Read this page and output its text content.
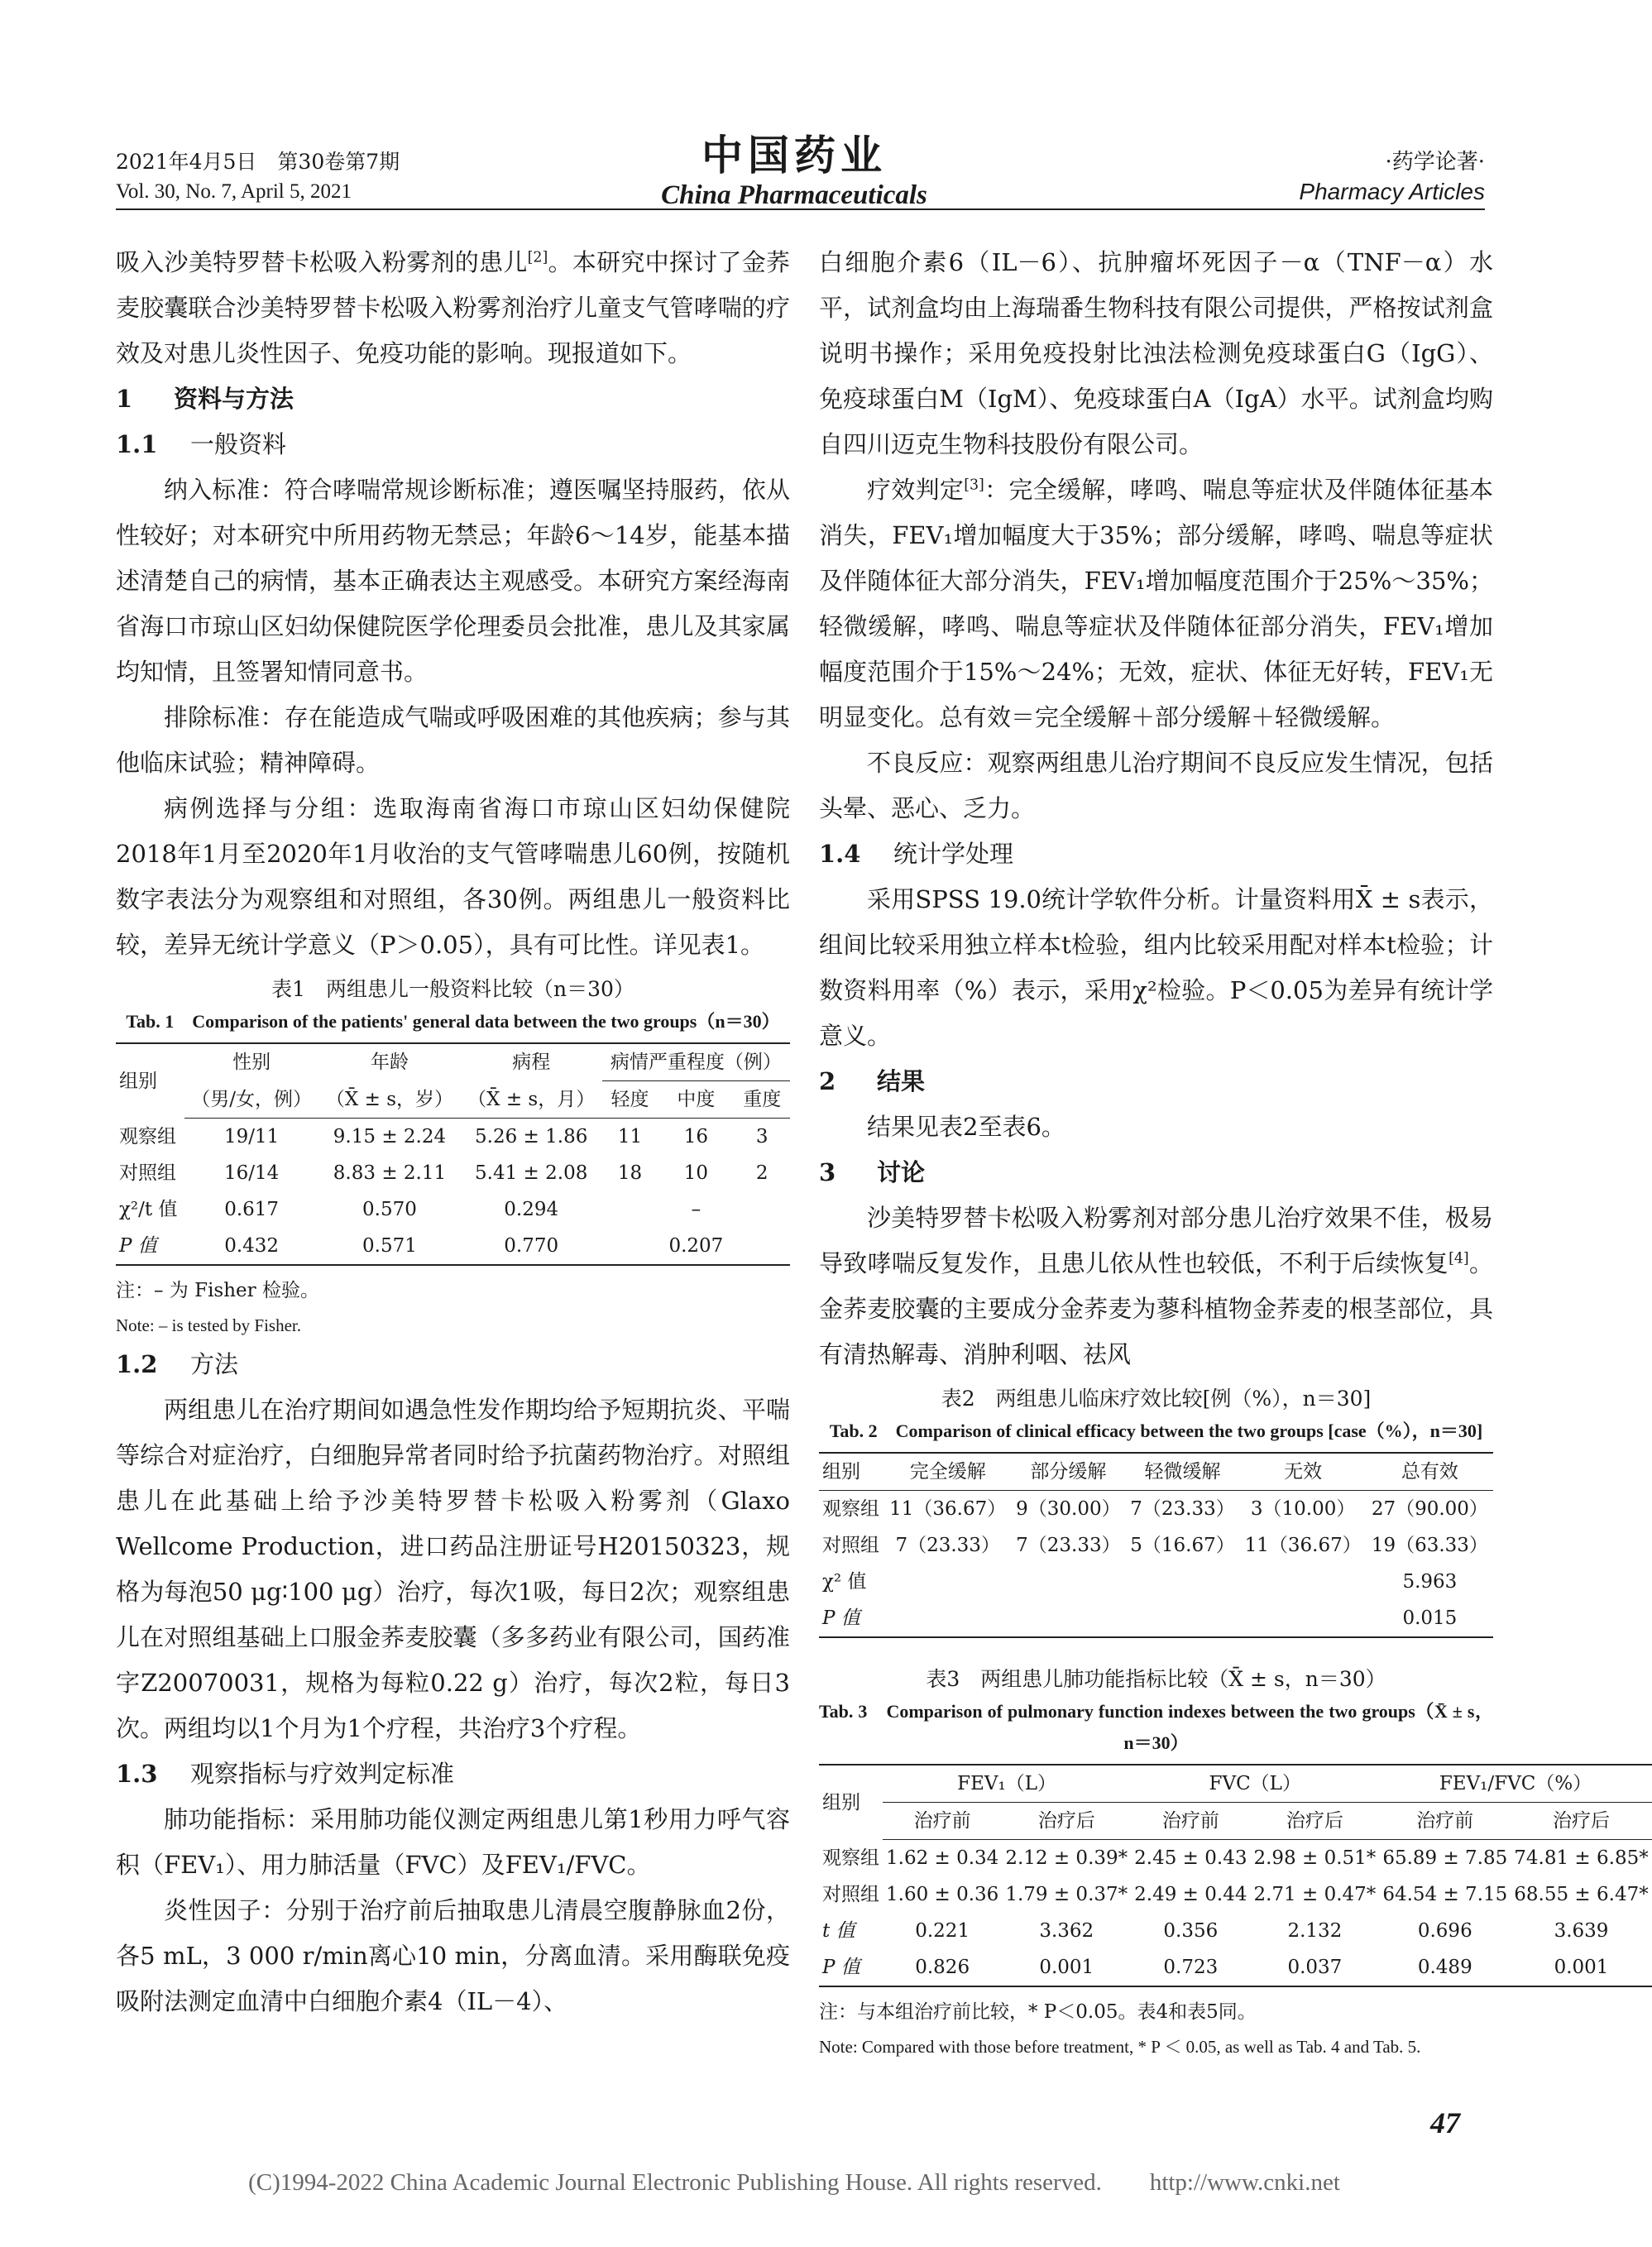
2021年4月5日　第30卷第7期
Vol. 30, No. 7, April 5, 2021
中国药业
China Pharmaceuticals
·药学论著·
Pharmacy Articles

吸入沙美特罗替卡松吸入粉雾剂的患儿[2]。本研究中探讨了金荞麦胶囊联合沙美特罗替卡松吸入粉雾剂治疗儿童支气管哮喘的疗效及对患儿炎性因子、免疫功能的影响。现报道如下。

1 资料与方法

1.1 一般资料

纳入标准：符合哮喘常规诊断标准；遵医嘱坚持服药，依从性较好；对本研究中所用药物无禁忌；年龄6～14岁，能基本描述清楚自己的病情，基本正确表达主观感受。本研究方案经海南省海口市琼山区妇幼保健院医学伦理委员会批准，患儿及其家属均知情，且签署知情同意书。

排除标准：存在能造成气喘或呼吸困难的其他疾病；参与其他临床试验；精神障碍。

病例选择与分组：选取海南省海口市琼山区妇幼保健院2018年1月至2020年1月收治的支气管哮喘患儿60例，按随机数字表法分为观察组和对照组，各30例。两组患儿一般资料比较，差异无统计学意义（P＞0.05），具有可比性。详见表1。

表1　两组患儿一般资料比较（n＝30）
Tab. 1　Comparison of the patients' general data between the two groups（n＝30）
组别	性别	年龄	病程	病情严重程度（例）		
	（男/女，例）	（X̄ ± s，岁）	（X̄ ± s，月）	轻度	中度	重度
观察组	19/11	9.15 ± 2.24	5.26 ± 1.86	11	16	3
对照组	16/14	8.83 ± 2.11	5.41 ± 2.08	18	10	2
χ²/t 值	0.617	0.570	0.294		–	
P 值	0.432	0.571	0.770		0.207	
注：– 为 Fisher 检验。
Note: – is tested by Fisher.

1.2 方法

两组患儿在治疗期间如遇急性发作期均给予短期抗炎、平喘等综合对症治疗，白细胞异常者同时给予抗菌药物治疗。对照组患儿在此基础上给予沙美特罗替卡松吸入粉雾剂（Glaxo Wellcome Production，进口药品注册证号H20150323，规格为每泡50 μg∶100 μg）治疗，每次1吸，每日2次；观察组患儿在对照组基础上口服金荞麦胶囊（多多药业有限公司，国药准字Z20070031，规格为每粒0.22 g）治疗，每次2粒，每日3次。两组均以1个月为1个疗程，共治疗3个疗程。

1.3 观察指标与疗效判定标准

肺功能指标：采用肺功能仪测定两组患儿第1秒用力呼气容积（FEV₁）、用力肺活量（FVC）及FEV₁/FVC。

炎性因子：分别于治疗前后抽取患儿清晨空腹静脉血2份，各5 mL，3 000 r/min离心10 min，分离血清。采用酶联免疫吸附法测定血清中白细胞介素4（IL－4）、

白细胞介素6（IL－6）、抗肿瘤坏死因子－α（TNF－α）水平，试剂盒均由上海瑞番生物科技有限公司提供，严格按试剂盒说明书操作；采用免疫投射比浊法检测免疫球蛋白G（IgG）、免疫球蛋白M（IgM）、免疫球蛋白A（IgA）水平。试剂盒均购自四川迈克生物科技股份有限公司。

疗效判定[3]：完全缓解，哮鸣、喘息等症状及伴随体征基本消失，FEV₁增加幅度大于35%；部分缓解，哮鸣、喘息等症状及伴随体征大部分消失，FEV₁增加幅度范围介于25%～35%；轻微缓解，哮鸣、喘息等症状及伴随体征部分消失，FEV₁增加幅度范围介于15%～24%；无效，症状、体征无好转，FEV₁无明显变化。总有效＝完全缓解＋部分缓解＋轻微缓解。

不良反应：观察两组患儿治疗期间不良反应发生情况，包括头晕、恶心、乏力。

1.4 统计学处理

采用SPSS 19.0统计学软件分析。计量资料用X̄ ± s表示，组间比较采用独立样本t检验，组内比较采用配对样本t检验；计数资料用率（%）表示，采用χ²检验。P＜0.05为差异有统计学意义。

2 结果

结果见表2至表6。

3 讨论

沙美特罗替卡松吸入粉雾剂对部分患儿治疗效果不佳，极易导致哮喘反复发作，且患儿依从性也较低，不利于后续恢复[4]。金荞麦胶囊的主要成分金荞麦为蓼科植物金荞麦的根茎部位，具有清热解毒、消肿利咽、祛风

表2　两组患儿临床疗效比较[例（%），n＝30]
Tab. 2　Comparison of clinical efficacy between the two groups [case（%），n＝30]
组别	完全缓解	部分缓解	轻微缓解	无效	总有效
观察组	11（36.67）	9（30.00）	7（23.33）	3（10.00）	27（90.00）
对照组	7（23.33）	7（23.33）	5（16.67）	11（36.67）	19（63.33）
χ² 值					5.963
P 值					0.015
表3　两组患儿肺功能指标比较（X̄ ± s，n＝30）
Tab. 3　Comparison of pulmonary function indexes between the two groups（X̄ ± s，n＝30）
组别	FEV₁（L）		FVC（L）		FEV₁/FVC（%）	
	治疗前	治疗后	治疗前	治疗后	治疗前	治疗后
观察组	1.62 ± 0.34	2.12 ± 0.39*	2.45 ± 0.43	2.98 ± 0.51*	65.89 ± 7.85	74.81 ± 6.85*
对照组	1.60 ± 0.36	1.79 ± 0.37*	2.49 ± 0.44	2.71 ± 0.47*	64.54 ± 7.15	68.55 ± 6.47*
t 值	0.221	3.362	0.356	2.132	0.696	3.639
P 值	0.826	0.001	0.723	0.037	0.489	0.001
注：与本组治疗前比较，* P＜0.05。表4和表5同。
Note: Compared with those before treatment, * P ＜ 0.05, as well as Tab. 4 and Tab. 5.
47
(C)1994-2022 China Academic Journal Electronic Publishing House. All rights reserved.　　http://www.cnki.net
